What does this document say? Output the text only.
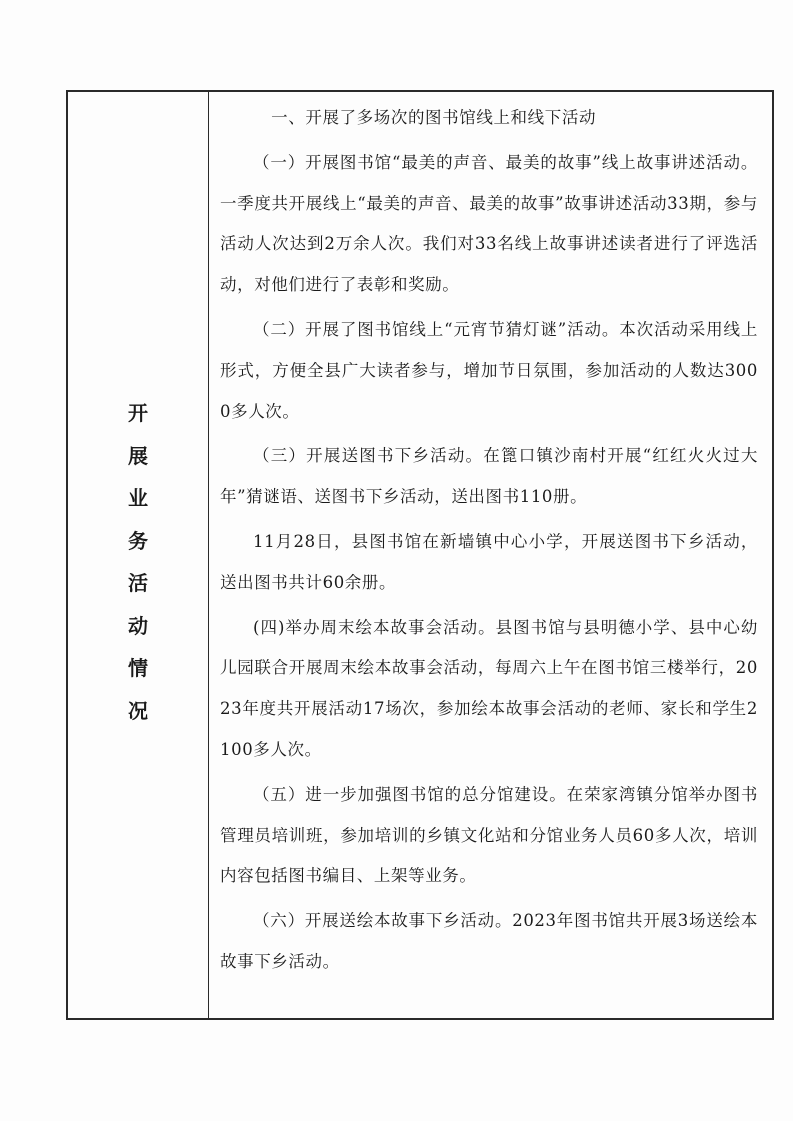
开
展
业
务
活
动
情
况

一、开展了多场次的图书馆线上和线下活动

（一）开展图书馆“最美的声音、最美的故事”线上故事讲述活动。一季度共开展线上“最美的声音、最美的故事”故事讲述活动33期，参与活动人次达到2万余人次。我们对33名线上故事讲述读者进行了评选活动，对他们进行了表彰和奖励。

（二）开展了图书馆线上“元宵节猜灯谜”活动。本次活动采用线上形式，方便全县广大读者参与，增加节日氛围，参加活动的人数达3000多人次。

（三）开展送图书下乡活动。在篦口镇沙南村开展“红红火火过大年”猜谜语、送图书下乡活动，送出图书110册。

11月28日，县图书馆在新墙镇中心小学，开展送图书下乡活动，送出图书共计60余册。

(四)举办周末绘本故事会活动。县图书馆与县明德小学、县中心幼儿园联合开展周末绘本故事会活动，每周六上午在图书馆三楼举行，2023年度共开展活动17场次，参加绘本故事会活动的老师、家长和学生2100多人次。

（五）进一步加强图书馆的总分馆建设。在荣家湾镇分馆举办图书管理员培训班，参加培训的乡镇文化站和分馆业务人员60多人次，培训内容包括图书编目、上架等业务。

（六）开展送绘本故事下乡活动。2023年图书馆共开展3场送绘本故事下乡活动。
